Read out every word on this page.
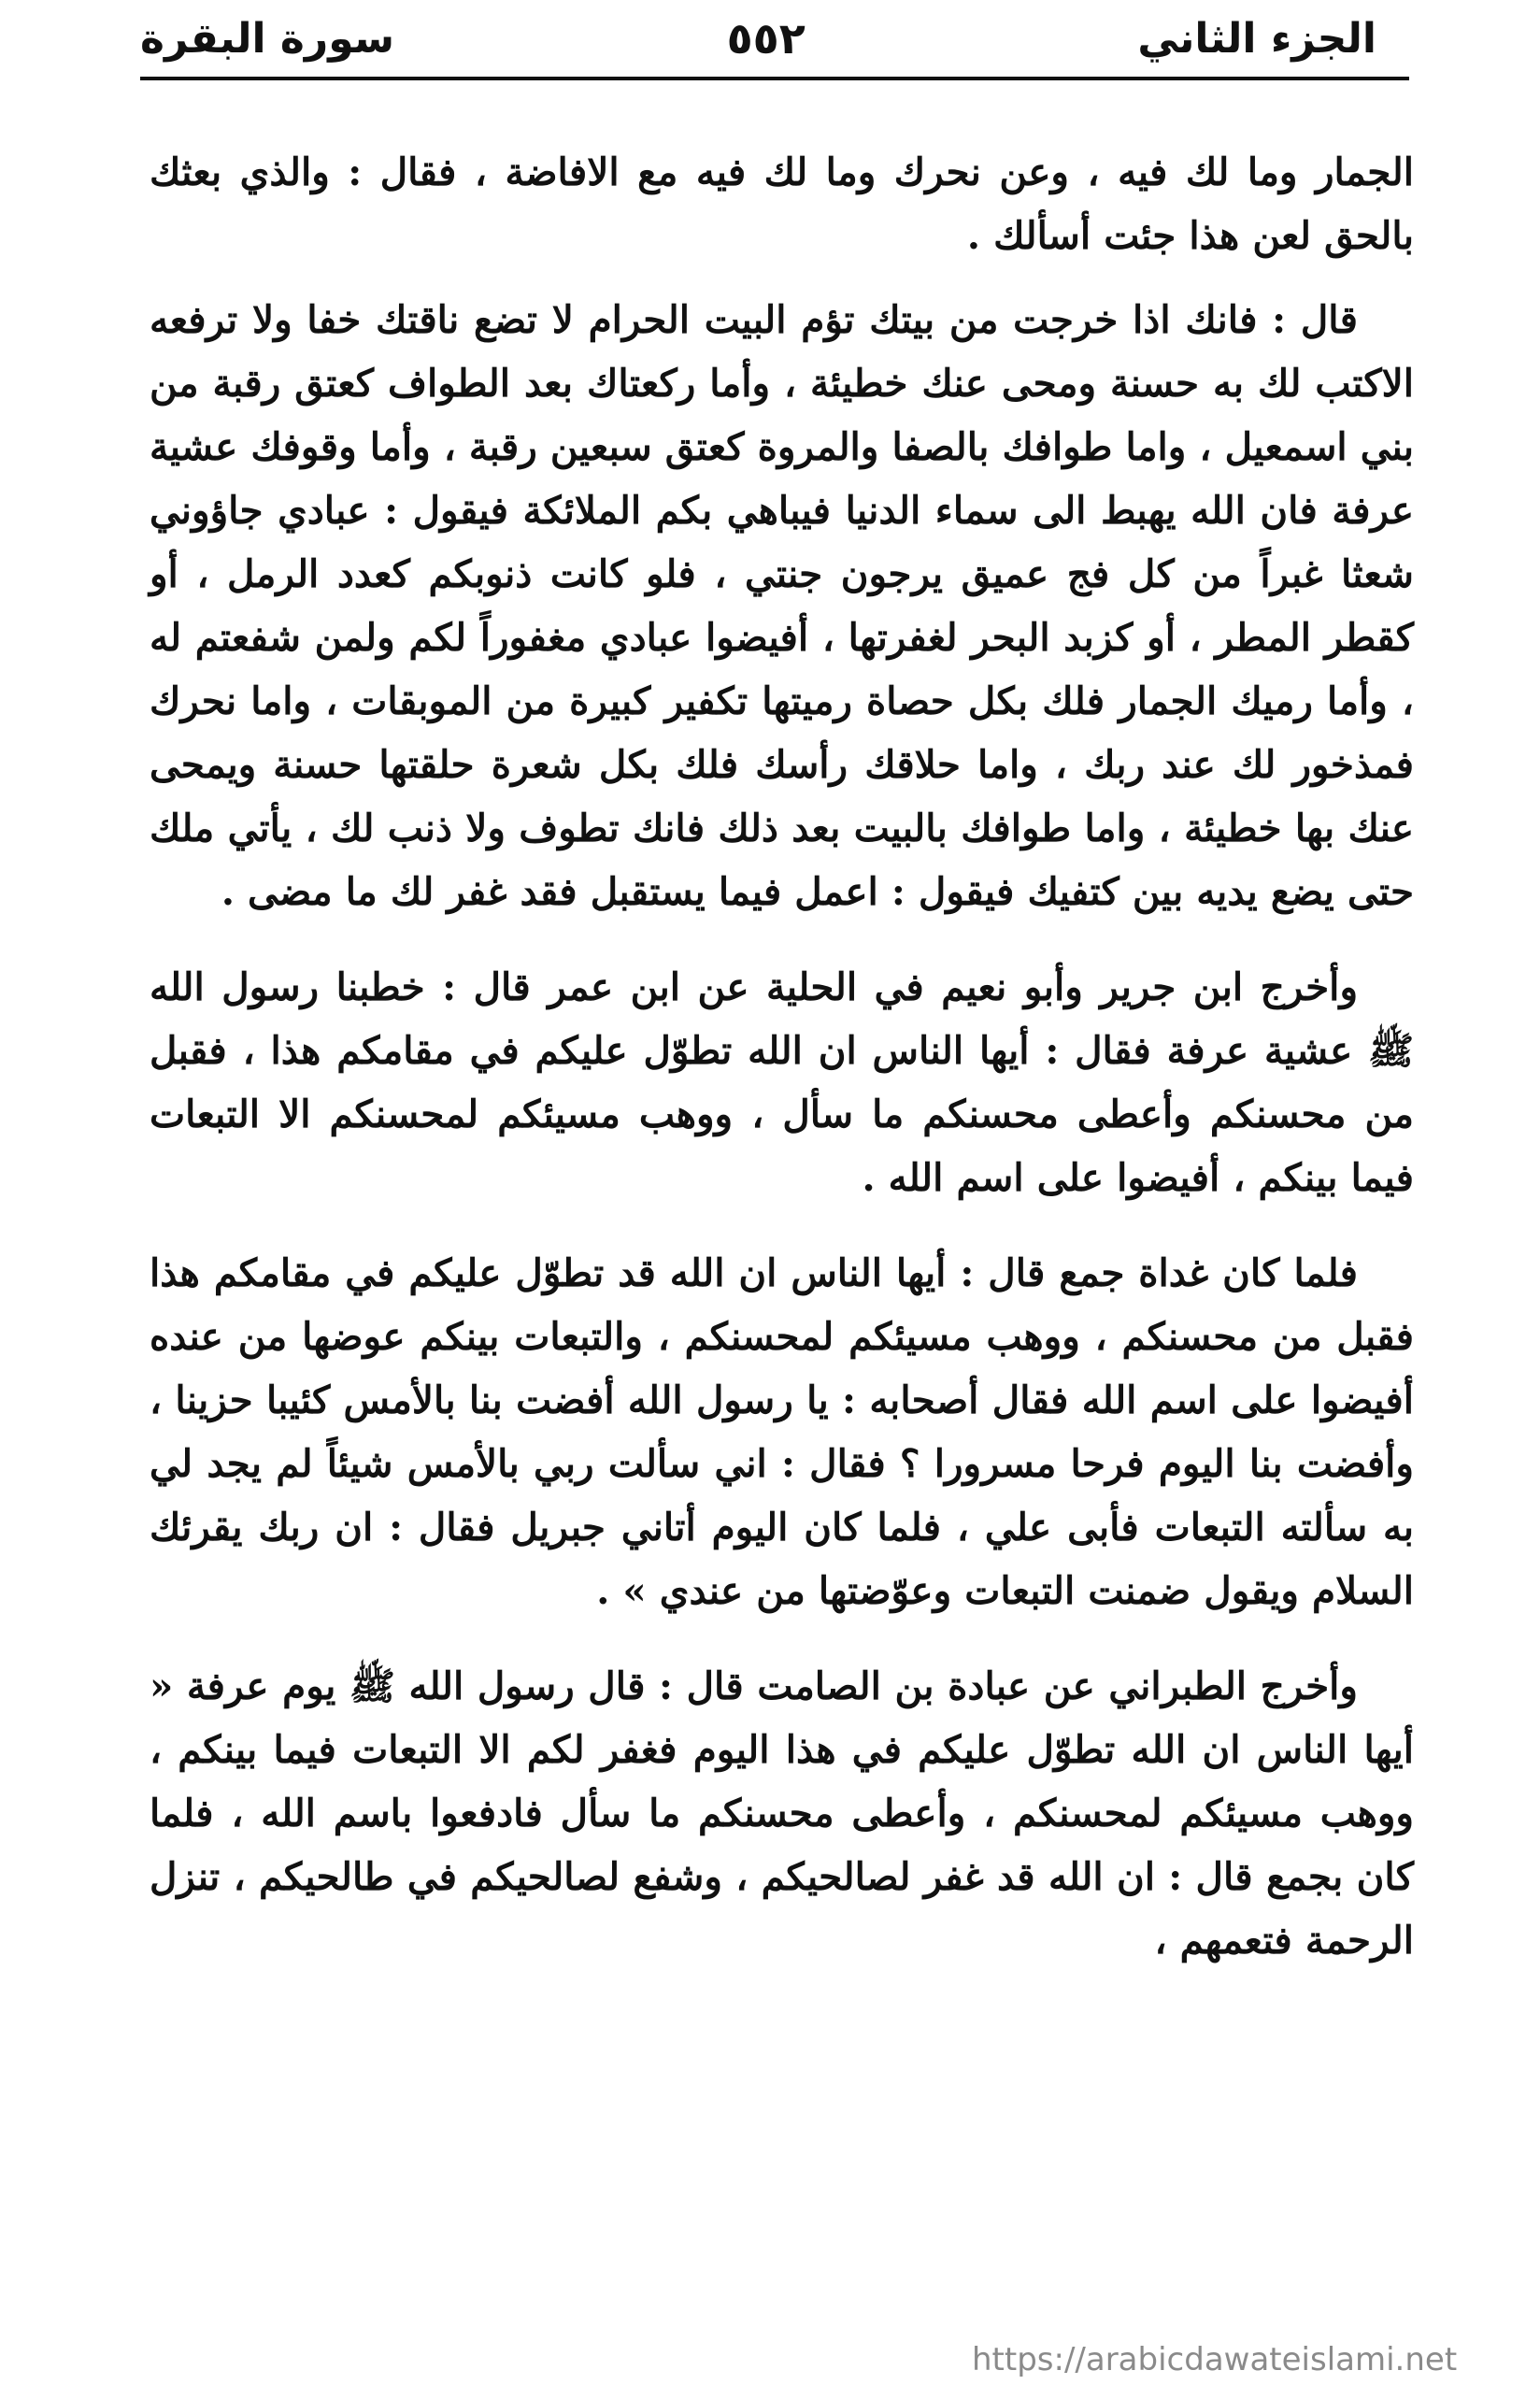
الجزء الثاني
٥٥٢
سورة البقرة

الجمار وما لك فيه ، وعن نحرك وما لك فيه مع الافاضة ، فقال : والذي بعثك بالحق لعن هذا جئت أسألك .

قال : فانك اذا خرجت من بيتك تؤم البيت الحرام لا تضع ناقتك خفا ولا ترفعه الاكتب لك به حسنة ومحى عنك خطيئة ، وأما ركعتاك بعد الطواف كعتق رقبة من بني اسمعيل ، واما طوافك بالصفا والمروة كعتق سبعين رقبة ، وأما وقوفك عشية عرفة فان الله يهبط الى سماء الدنيا فيباهي بكم الملائكة فيقول : عبادي جاؤوني شعثا غبراً من كل فج عميق يرجون جنتي ، فلو كانت ذنوبكم كعدد الرمل ، أو كقطر المطر ، أو كزبد البحر لغفرتها ، أفيضوا عبادي مغفوراً لكم ولمن شفعتم له ، وأما رميك الجمار فلك بكل حصاة رميتها تكفير كبيرة من الموبقات ، واما نحرك فمذخور لك عند ربك ، واما حلاقك رأسك فلك بكل شعرة حلقتها حسنة ويمحى عنك بها خطيئة ، واما طوافك بالبيت بعد ذلك فانك تطوف ولا ذنب لك ، يأتي ملك حتى يضع يديه بين كتفيك فيقول : اعمل فيما يستقبل فقد غفر لك ما مضى .

وأخرج ابن جرير وأبو نعيم في الحلية عن ابن عمر قال : خطبنا رسول الله ﷺ عشية عرفة فقال : أيها الناس ان الله تطوّل عليكم في مقامكم هذا ، فقبل من محسنكم وأعطى محسنكم ما سأل ، ووهب مسيئكم لمحسنكم الا التبعات فيما بينكم ، أفيضوا على اسم الله .

فلما كان غداة جمع قال : أيها الناس ان الله قد تطوّل عليكم في مقامكم هذا فقبل من محسنكم ، ووهب مسيئكم لمحسنكم ، والتبعات بينكم عوضها من عنده أفيضوا على اسم الله فقال أصحابه : يا رسول الله أفضت بنا بالأمس كئيبا حزينا ، وأفضت بنا اليوم فرحا مسرورا ؟ فقال : اني سألت ربي بالأمس شيئاً لم يجد لي به سألته التبعات فأبى علي ، فلما كان اليوم أتاني جبريل فقال : ان ربك يقرئك السلام ويقول ضمنت التبعات وعوّضتها من عندي » .

وأخرج الطبراني عن عبادة بن الصامت قال : قال رسول الله ﷺ يوم عرفة « أيها الناس ان الله تطوّل عليكم في هذا اليوم فغفر لكم الا التبعات فيما بينكم ، ووهب مسيئكم لمحسنكم ، وأعطى محسنكم ما سأل فادفعوا باسم الله ، فلما كان بجمع قال : ان الله قد غفر لصالحيكم ، وشفع لصالحيكم في طالحيكم ، تنزل الرحمة فتعمهم ،

https://arabicdawateislami.net
